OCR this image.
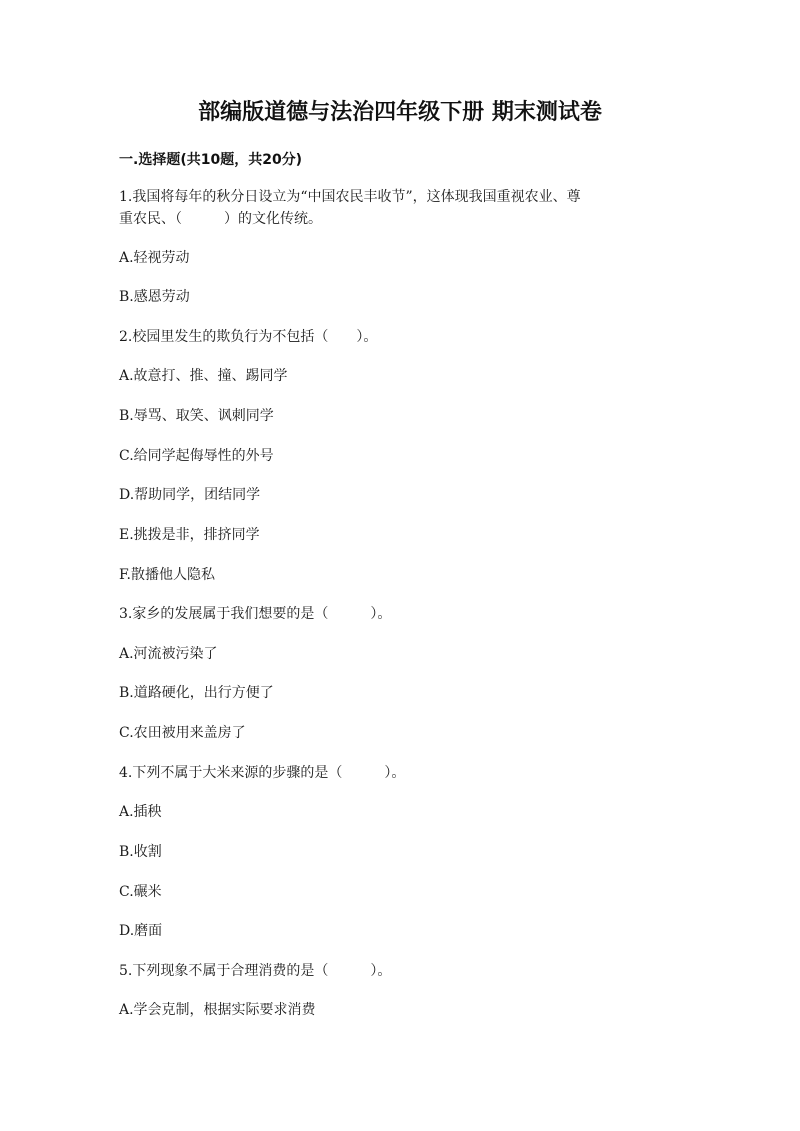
部编版道德与法治四年级下册 期末测试卷
一.选择题(共10题，共20分)
1.我国将每年的秋分日设立为“中国农民丰收节”，这体现我国重视农业、尊
重农民、（　　　）的文化传统。
A.轻视劳动
B.感恩劳动
2.校园里发生的欺负行为不包括（　　）。
A.故意打、推、撞、踢同学
B.辱骂、取笑、讽刺同学
C.给同学起侮辱性的外号
D.帮助同学，团结同学
E.挑拨是非，排挤同学
F.散播他人隐私
3.家乡的发展属于我们想要的是（　　　）。
A.河流被污染了
B.道路硬化，出行方便了
C.农田被用来盖房了
4.下列不属于大米来源的步骤的是（　　　）。
A.插秧
B.收割
C.碾米
D.磨面
5.下列现象不属于合理消费的是（　　　）。
A.学会克制，根据实际要求消费
